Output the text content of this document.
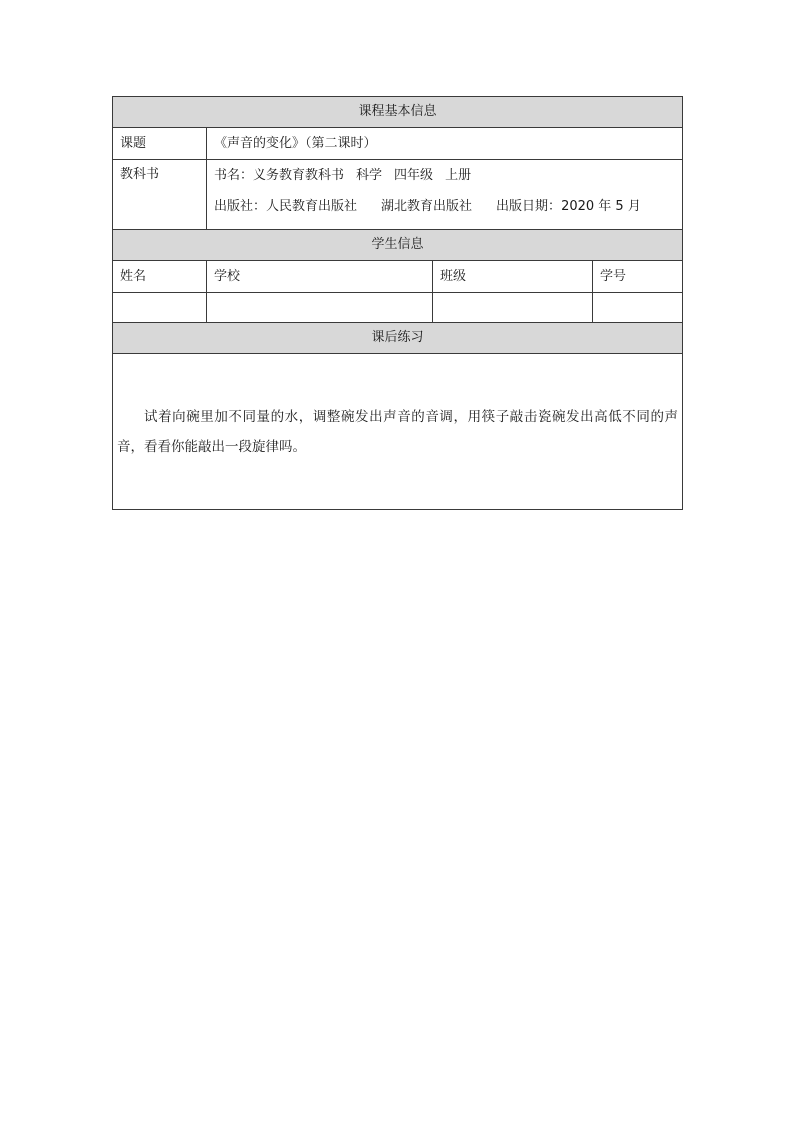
课程基本信息			
课题	《声音的变化》（第二课时）		
教科书	书名：义务教育教科书 科学 四年级 上册
出版社：人民教育出版社 湖北教育出版社 出版日期：2020 年 5 月		

学生信息			
姓名	学校	班级	学号

课后练习			

试着向碗里加不同量的水，调整碗发出声音的音调，用筷子敲击瓷碗发出高低不同的声音，看看你能敲出一段旋律吗。			
